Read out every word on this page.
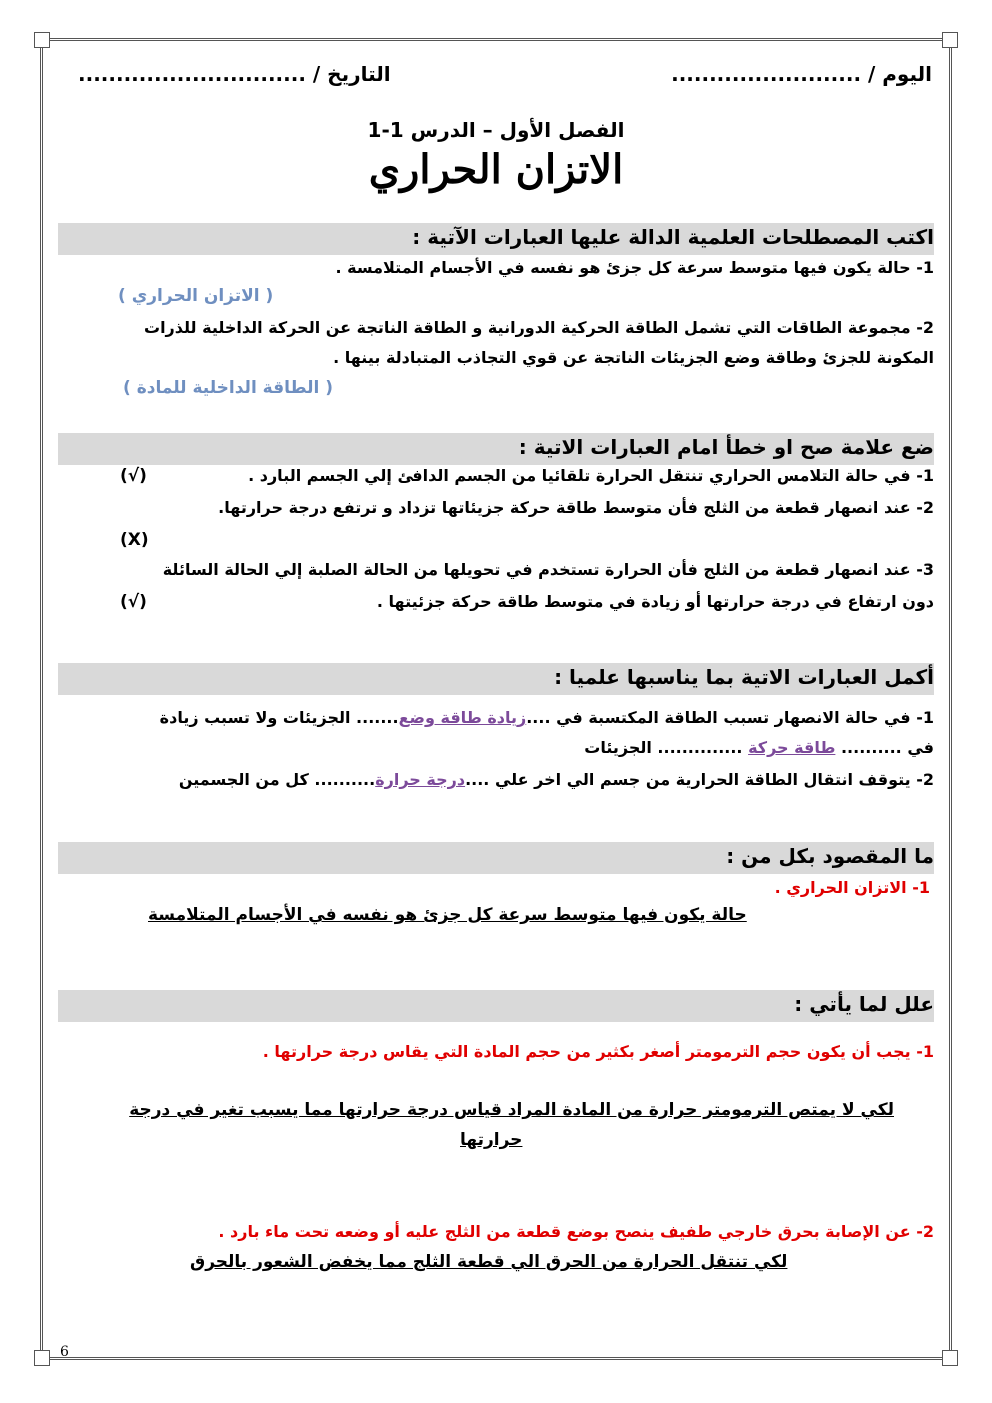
اليوم / .........................
التاريخ / ..............................
الفصل الأول – الدرس 1-1
الاتزان الحراري
اكتب المصطلحات العلمية الدالة عليها العبارات الآتية :
1- حالة يكون فيها متوسط سرعة كل جزئ هو نفسه في الأجسام المتلامسة .
( الاتزان الحراري )
2- مجموعة الطاقات التي تشمل الطاقة الحركية الدورانية و الطاقة الناتجة عن الحركة الداخلية للذرات
المكونة للجزئ وطاقة وضع الجزيئات الناتجة عن قوي التجاذب المتبادلة بينها .
( الطاقة الداخلية للمادة )
ضع علامة صح او خطأ امام العبارات الاتية :
1- في حالة التلامس الحراري تنتقل الحرارة تلقائيا من الجسم الدافئ إلي الجسم البارد .
(√)
2- عند انصهار قطعة من الثلج فأن متوسط طاقة حركة جزيئاتها تزداد و ترتفع درجة حرارتها.
(X)
3- عند انصهار قطعة من الثلج فأن الحرارة تستخدم في تحويلها من الحالة الصلبة إلي الحالة السائلة
دون ارتفاع في درجة حرارتها أو زيادة في متوسط طاقة حركة جزئيتها .
(√)
أكمل العبارات الاتية بما يناسبها علميا :
1- في حالة الانصهار تسبب الطاقة المكتسبة في ....زيادة طاقة وضع....... الجزيئات ولا تسبب زيادة
في .......... طاقة حركة .............. الجزيئات
2- يتوقف انتقال الطاقة الحرارية من جسم الي اخر علي ....درجة حرارة.......... كل من الجسمين
ما المقصود بكل من :
1- الاتزان الحراري .
حالة يكون فيها متوسط سرعة كل جزئ هو نفسه في الأجسام المتلامسة
علل لما يأتي :
1- يجب أن يكون حجم الترمومتر أصغر بكثير من حجم المادة التي يقاس درجة حرارتها .
لكي لا يمتص الترمومتر حرارة من المادة المراد قياس درجة حرارتها مما يسبب تغير في درجة
حرارتها
2- عن الإصابة بحرق خارجي طفيف ينصح بوضع قطعة من الثلج عليه أو وضعه تحت ماء بارد .
لكي تنتقل الحرارة من الحرق الي قطعة الثلج مما يخفض الشعور بالحرق
6
